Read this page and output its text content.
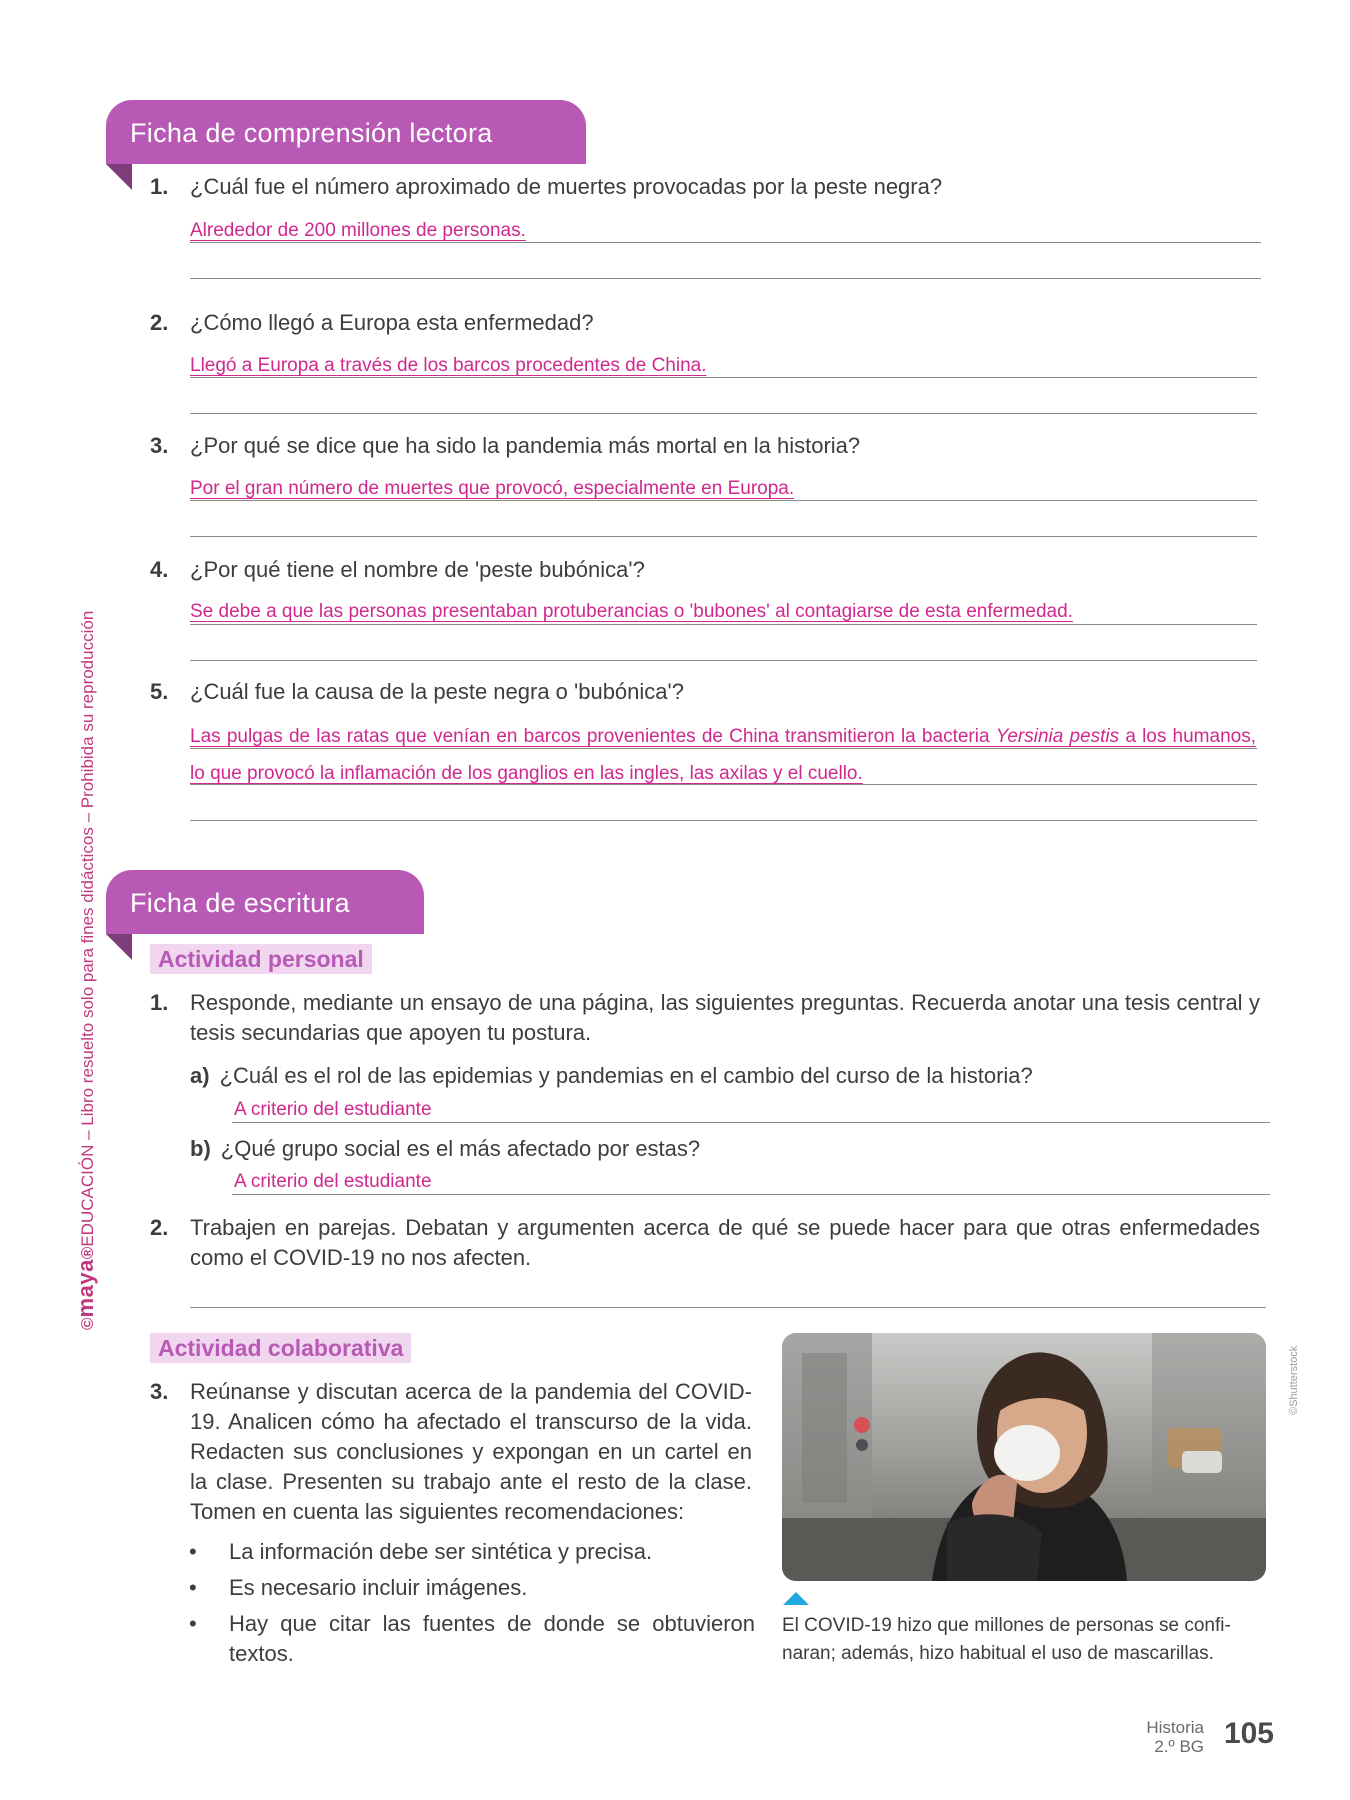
©maya®EDUCACIÓN – Libro resuelto solo para fines didácticos – Prohibida su reproducción
Ficha de comprensión lectora
1. ¿Cuál fue el número aproximado de muertes provocadas por la peste negra?
Alrededor de 200 millones de personas.
2. ¿Cómo llegó a Europa esta enfermedad?
Llegó a Europa a través de los barcos procedentes de China.
3. ¿Por qué se dice que ha sido la pandemia más mortal en la historia?
Por el gran número de muertes que provocó, especialmente en Europa.
4. ¿Por qué tiene el nombre de 'peste bubónica'?
Se debe a que las personas presentaban protuberancias o 'bubones' al contagiarse de esta enfermedad.
5. ¿Cuál fue la causa de la peste negra o 'bubónica'?
Las pulgas de las ratas que venían en barcos provenientes de China transmitieron la bacteria Yersinia pestis a los humanos, lo que provocó la inflamación de los ganglios en las ingles, las axilas y el cuello.
Ficha de escritura
Actividad personal
1. Responde, mediante un ensayo de una página, las siguientes preguntas. Recuerda anotar una tesis central y tesis secundarias que apoyen tu postura.
a) ¿Cuál es el rol de las epidemias y pandemias en el cambio del curso de la historia?
A criterio del estudiante
b) ¿Qué grupo social es el más afectado por estas?
A criterio del estudiante
2. Trabajen en parejas. Debatan y argumenten acerca de qué se puede hacer para que otras enfermedades como el COVID-19 no nos afecten.
Actividad colaborativa
3. Reúnanse y discutan acerca de la pandemia del COVID-19. Analicen cómo ha afectado el transcurso de la vida. Redacten sus conclusiones y expongan en un cartel en la clase. Presenten su trabajo ante el resto de la clase. Tomen en cuenta las siguientes recomendaciones:
• La información debe ser sintética y precisa.
• Es necesario incluir imágenes.
• Hay que citar las fuentes de donde se obtuvieron textos.
©Shutterstock
El COVID-19 hizo que millones de personas se confi-naran; además, hizo habitual el uso de mascarillas.
Historia
2.º BG 105
